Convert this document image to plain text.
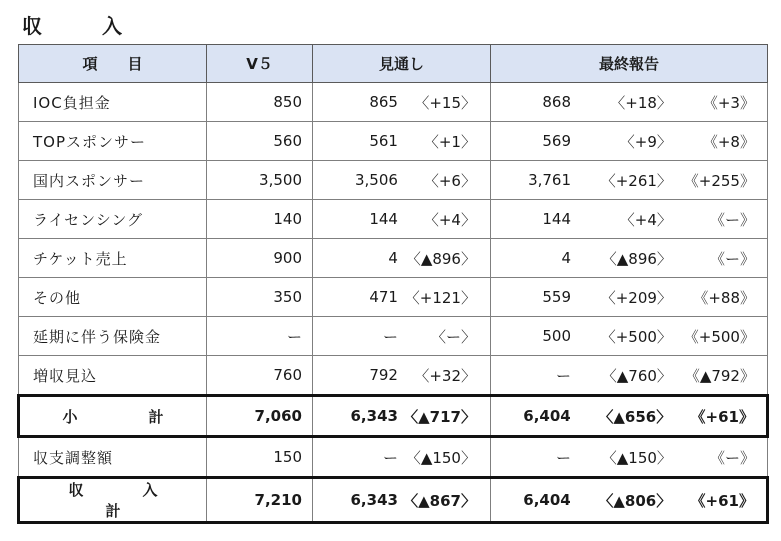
収　入
項　　目	V５	見通し	最終報告
IOC負担金	850	865 〈+15〉	868 〈+18〉 《+3》

TOPスポンサー	560	561 〈+1〉	569 〈+9〉 《+8》

国内スポンサー	3,500	3,506 〈+6〉	3,761 〈+261〉 《+255》

ライセンシング	140	144 〈+4〉	144 〈+4〉 《ー》

チケット売上	900	4 〈▲896〉	4 〈▲896〉 《ー》

その他	350	471 〈+121〉	559 〈+209〉 《+88》

延期に伴う保険金	ー	ー 〈ー〉	500 〈+500〉 《+500》

増収見込	760	792 〈+32〉	ー 〈▲760〉 《▲792》

小　計	7,060	6,343 〈▲717〉	6,404 〈▲656〉 《+61》

収支調整額	150	ー 〈▲150〉	ー 〈▲150〉 《ー》

収　入　計	7,210	6,343 〈▲867〉	6,404 〈▲806〉 《+61》
